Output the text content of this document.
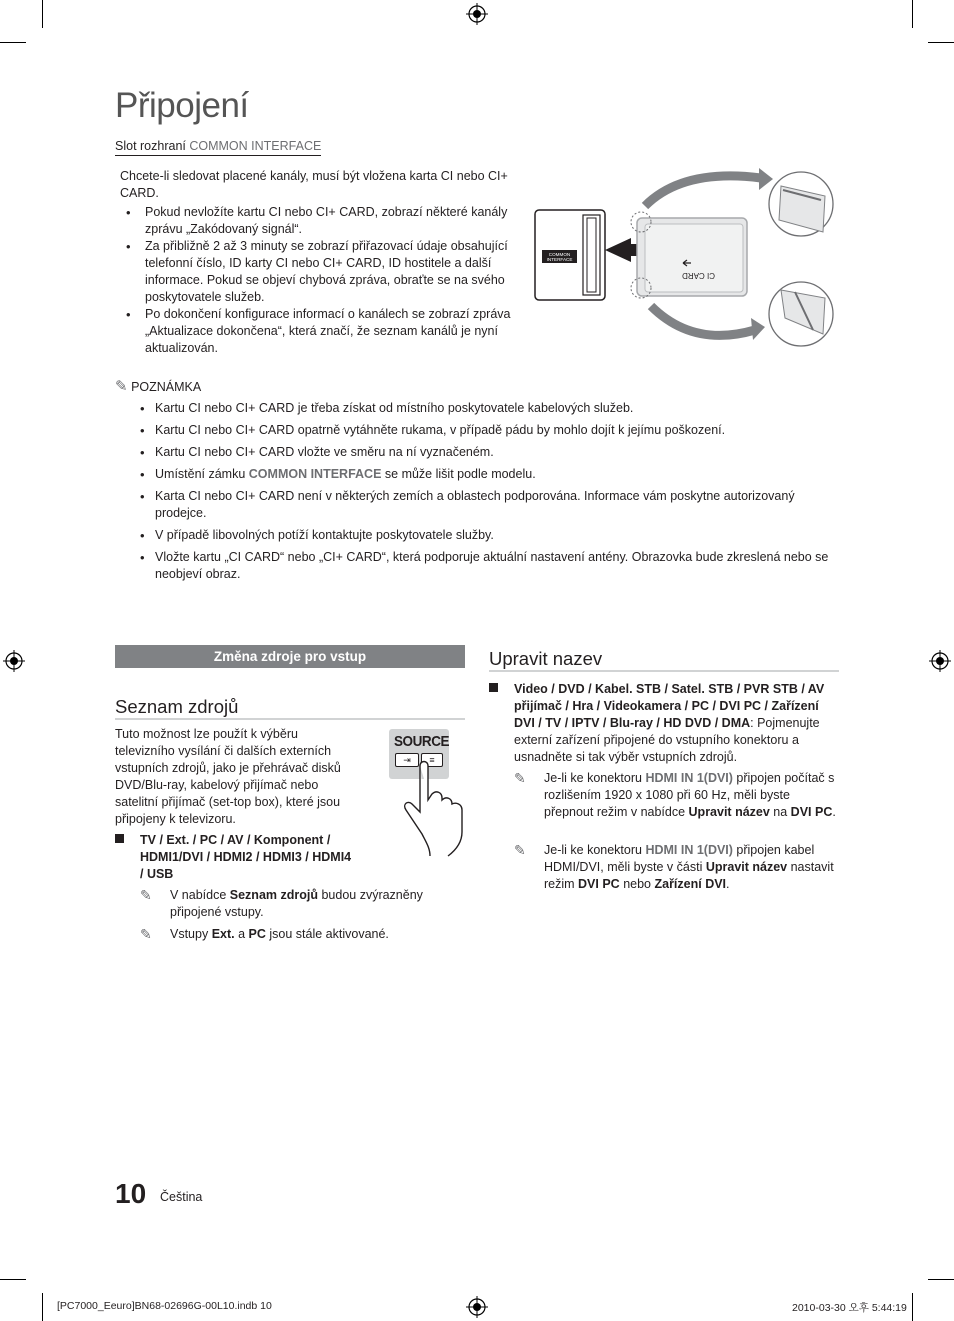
Připojení
Slot rozhraní COMMON INTERFACE
Chcete-li sledovat placené kanály, musí být vložena karta CI nebo CI+ CARD.
• Pokud nevložíte kartu CI nebo CI+ CARD, zobrazí některé kanály zprávu „Zakódovaný signál“.
• Za přibližně 2 až 3 minuty se zobrazí přiřazovací údaje obsahující telefonní číslo, ID karty CI nebo CI+ CARD, ID hostitele a další informace. Pokud se objeví chybová zpráva, obraťte se na svého poskytovatele služeb.
• Po dokončení konfigurace informací o kanálech se zobrazí zpráva „Aktualizace dokončena“, která značí, že seznam kanálů je nyní aktualizován.
COMMON
INTERFACE
CI CARD
✎ POZNÁMKA
• Kartu CI nebo CI+ CARD je třeba získat od místního poskytovatele kabelových služeb.
• Kartu CI nebo CI+ CARD opatrně vytáhněte rukama, v případě pádu by mohlo dojít k jejímu poškození.
• Kartu CI nebo CI+ CARD vložte ve směru na ní vyznačeném.
• Umístění zámku COMMON INTERFACE se může lišit podle modelu.
• Karta CI nebo CI+ CARD není v některých zemích a oblastech podporována. Informace vám poskytne autorizovaný prodejce.
• V případě libovolných potíží kontaktujte poskytovatele služby.
• Vložte kartu „CI CARD“ nebo „CI+ CARD“, která podporuje aktuální nastavení antény. Obrazovka bude zkreslená nebo se neobjeví obraz.
Změna zdroje pro vstup
Seznam zdrojů
Tuto možnost lze použít k výběru televizního vysílání či dalších externích vstupních zdrojů, jako je přehrávač disků DVD/Blu-ray, kabelový přijímač nebo satelitní přijímač (set-top box), které jsou připojeny k televizoru.
SOURCE
⇥	≡
TV / Ext. / PC / AV / Komponent / HDMI1/DVI / HDMI2 / HDMI3 / HDMI4 / USB
✎ V nabídce Seznam zdrojů budou zvýrazněny připojené vstupy.
✎ Vstupy Ext. a PC jsou stále aktivované.
Upravit nazev
Video / DVD / Kabel. STB / Satel. STB / PVR STB / AV přijímač / Hra / Videokamera / PC / DVI PC / Zařízení DVI / TV / IPTV / Blu-ray / HD DVD / DMA: Pojmenujte externí zařízení připojené do vstupního konektoru a usnadněte si tak výběr vstupních zdrojů.
✎ Je-li ke konektoru HDMI IN 1(DVI) připojen počítač s rozlišením 1920 x 1080 při 60 Hz, měli byste přepnout režim v nabídce Upravit název na DVI PC.
✎ Je-li ke konektoru HDMI IN 1(DVI) připojen kabel HDMI/DVI, měli byste v části Upravit název nastavit režim DVI PC nebo Zařízení DVI.
10 Čeština
[PC7000_Eeuro]BN68-02696G-00L10.indb 10	2010-03-30 오후 5:44:19
